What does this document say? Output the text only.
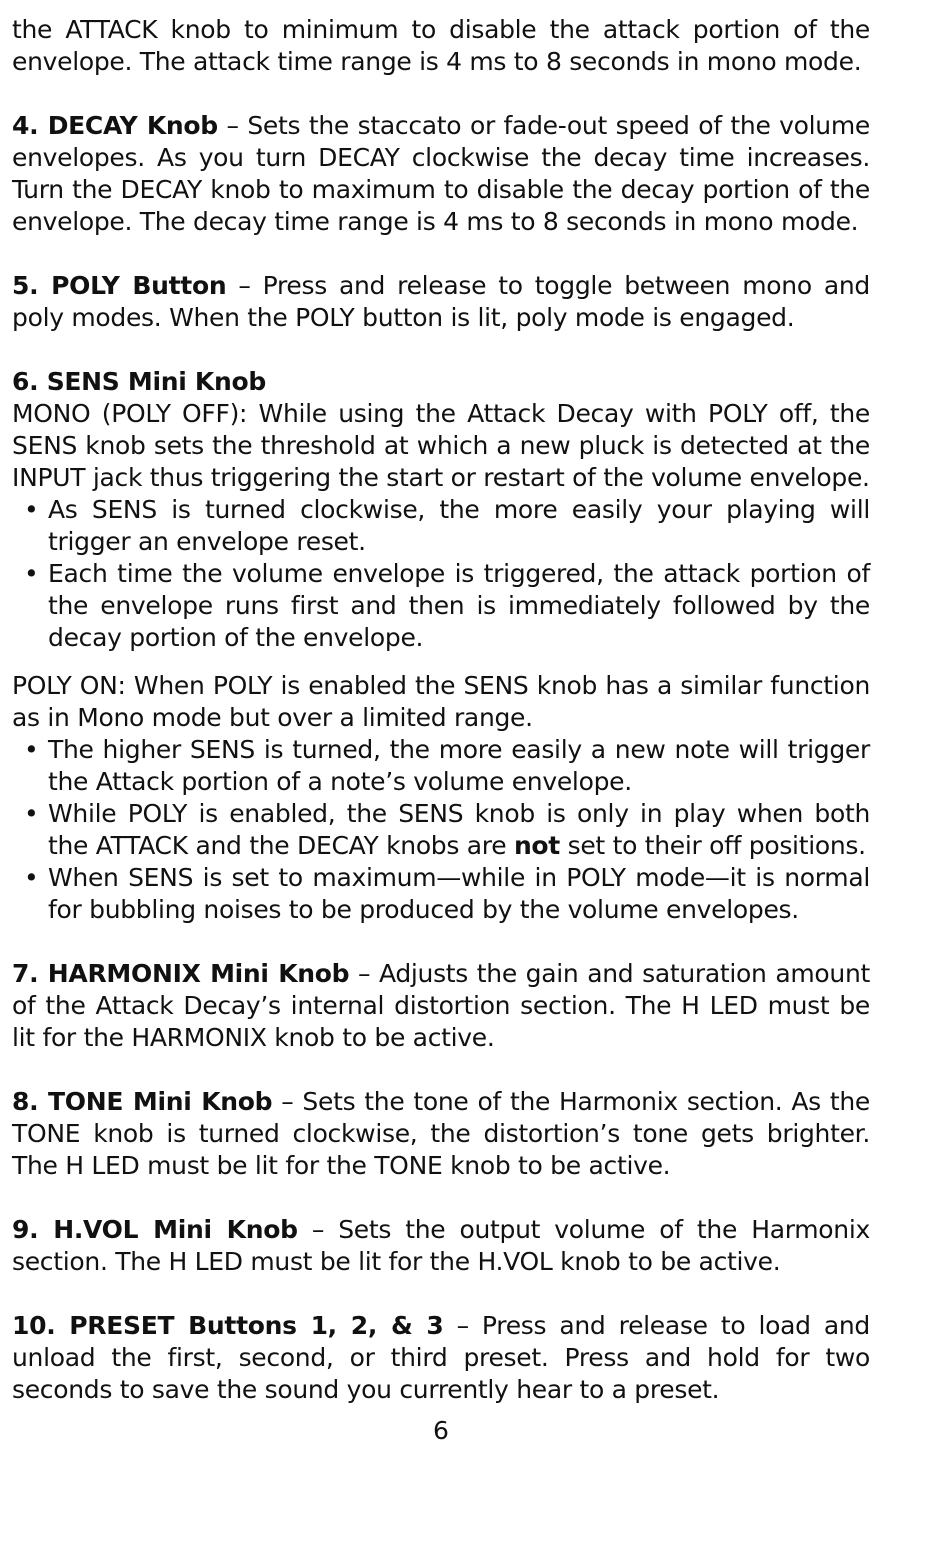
the ATTACK knob to minimum to disable the attack portion of the envelope. The attack time range is 4 ms to 8 seconds in mono mode.

4. DECAY Knob – Sets the staccato or fade-out speed of the volume envelopes. As you turn DECAY clockwise the decay time increases. Turn the DECAY knob to maximum to disable the decay portion of the envelope. The decay time range is 4 ms to 8 seconds in mono mode.

5. POLY Button – Press and release to toggle between mono and poly modes. When the POLY button is lit, poly mode is engaged.

6. SENS Mini Knob

MONO (POLY OFF): While using the Attack Decay with POLY off, the SENS knob sets the threshold at which a new pluck is detected at the INPUT jack thus triggering the start or restart of the volume envelope.

• As SENS is turned clockwise, the more easily your playing will trigger an envelope reset.
• Each time the volume envelope is triggered, the attack portion of the envelope runs first and then is immediately followed by the decay portion of the envelope.

POLY ON: When POLY is enabled the SENS knob has a similar function as in Mono mode but over a limited range.

• The higher SENS is turned, the more easily a new note will trigger the Attack portion of a note’s volume envelope.
• While POLY is enabled, the SENS knob is only in play when both the ATTACK and the DECAY knobs are not set to their off positions.
• When SENS is set to maximum—while in POLY mode—it is normal for bubbling noises to be produced by the volume envelopes.

7. HARMONIX Mini Knob – Adjusts the gain and saturation amount of the Attack Decay’s internal distortion section. The H LED must be lit for the HARMONIX knob to be active.

8. TONE Mini Knob – Sets the tone of the Harmonix section. As the TONE knob is turned clockwise, the distortion’s tone gets brighter. The H LED must be lit for the TONE knob to be active.

9. H.VOL Mini Knob – Sets the output volume of the Harmonix section. The H LED must be lit for the H.VOL knob to be active.

10. PRESET Buttons 1, 2, & 3 – Press and release to load and unload the first, second, or third preset. Press and hold for two seconds to save the sound you currently hear to a preset.

6
